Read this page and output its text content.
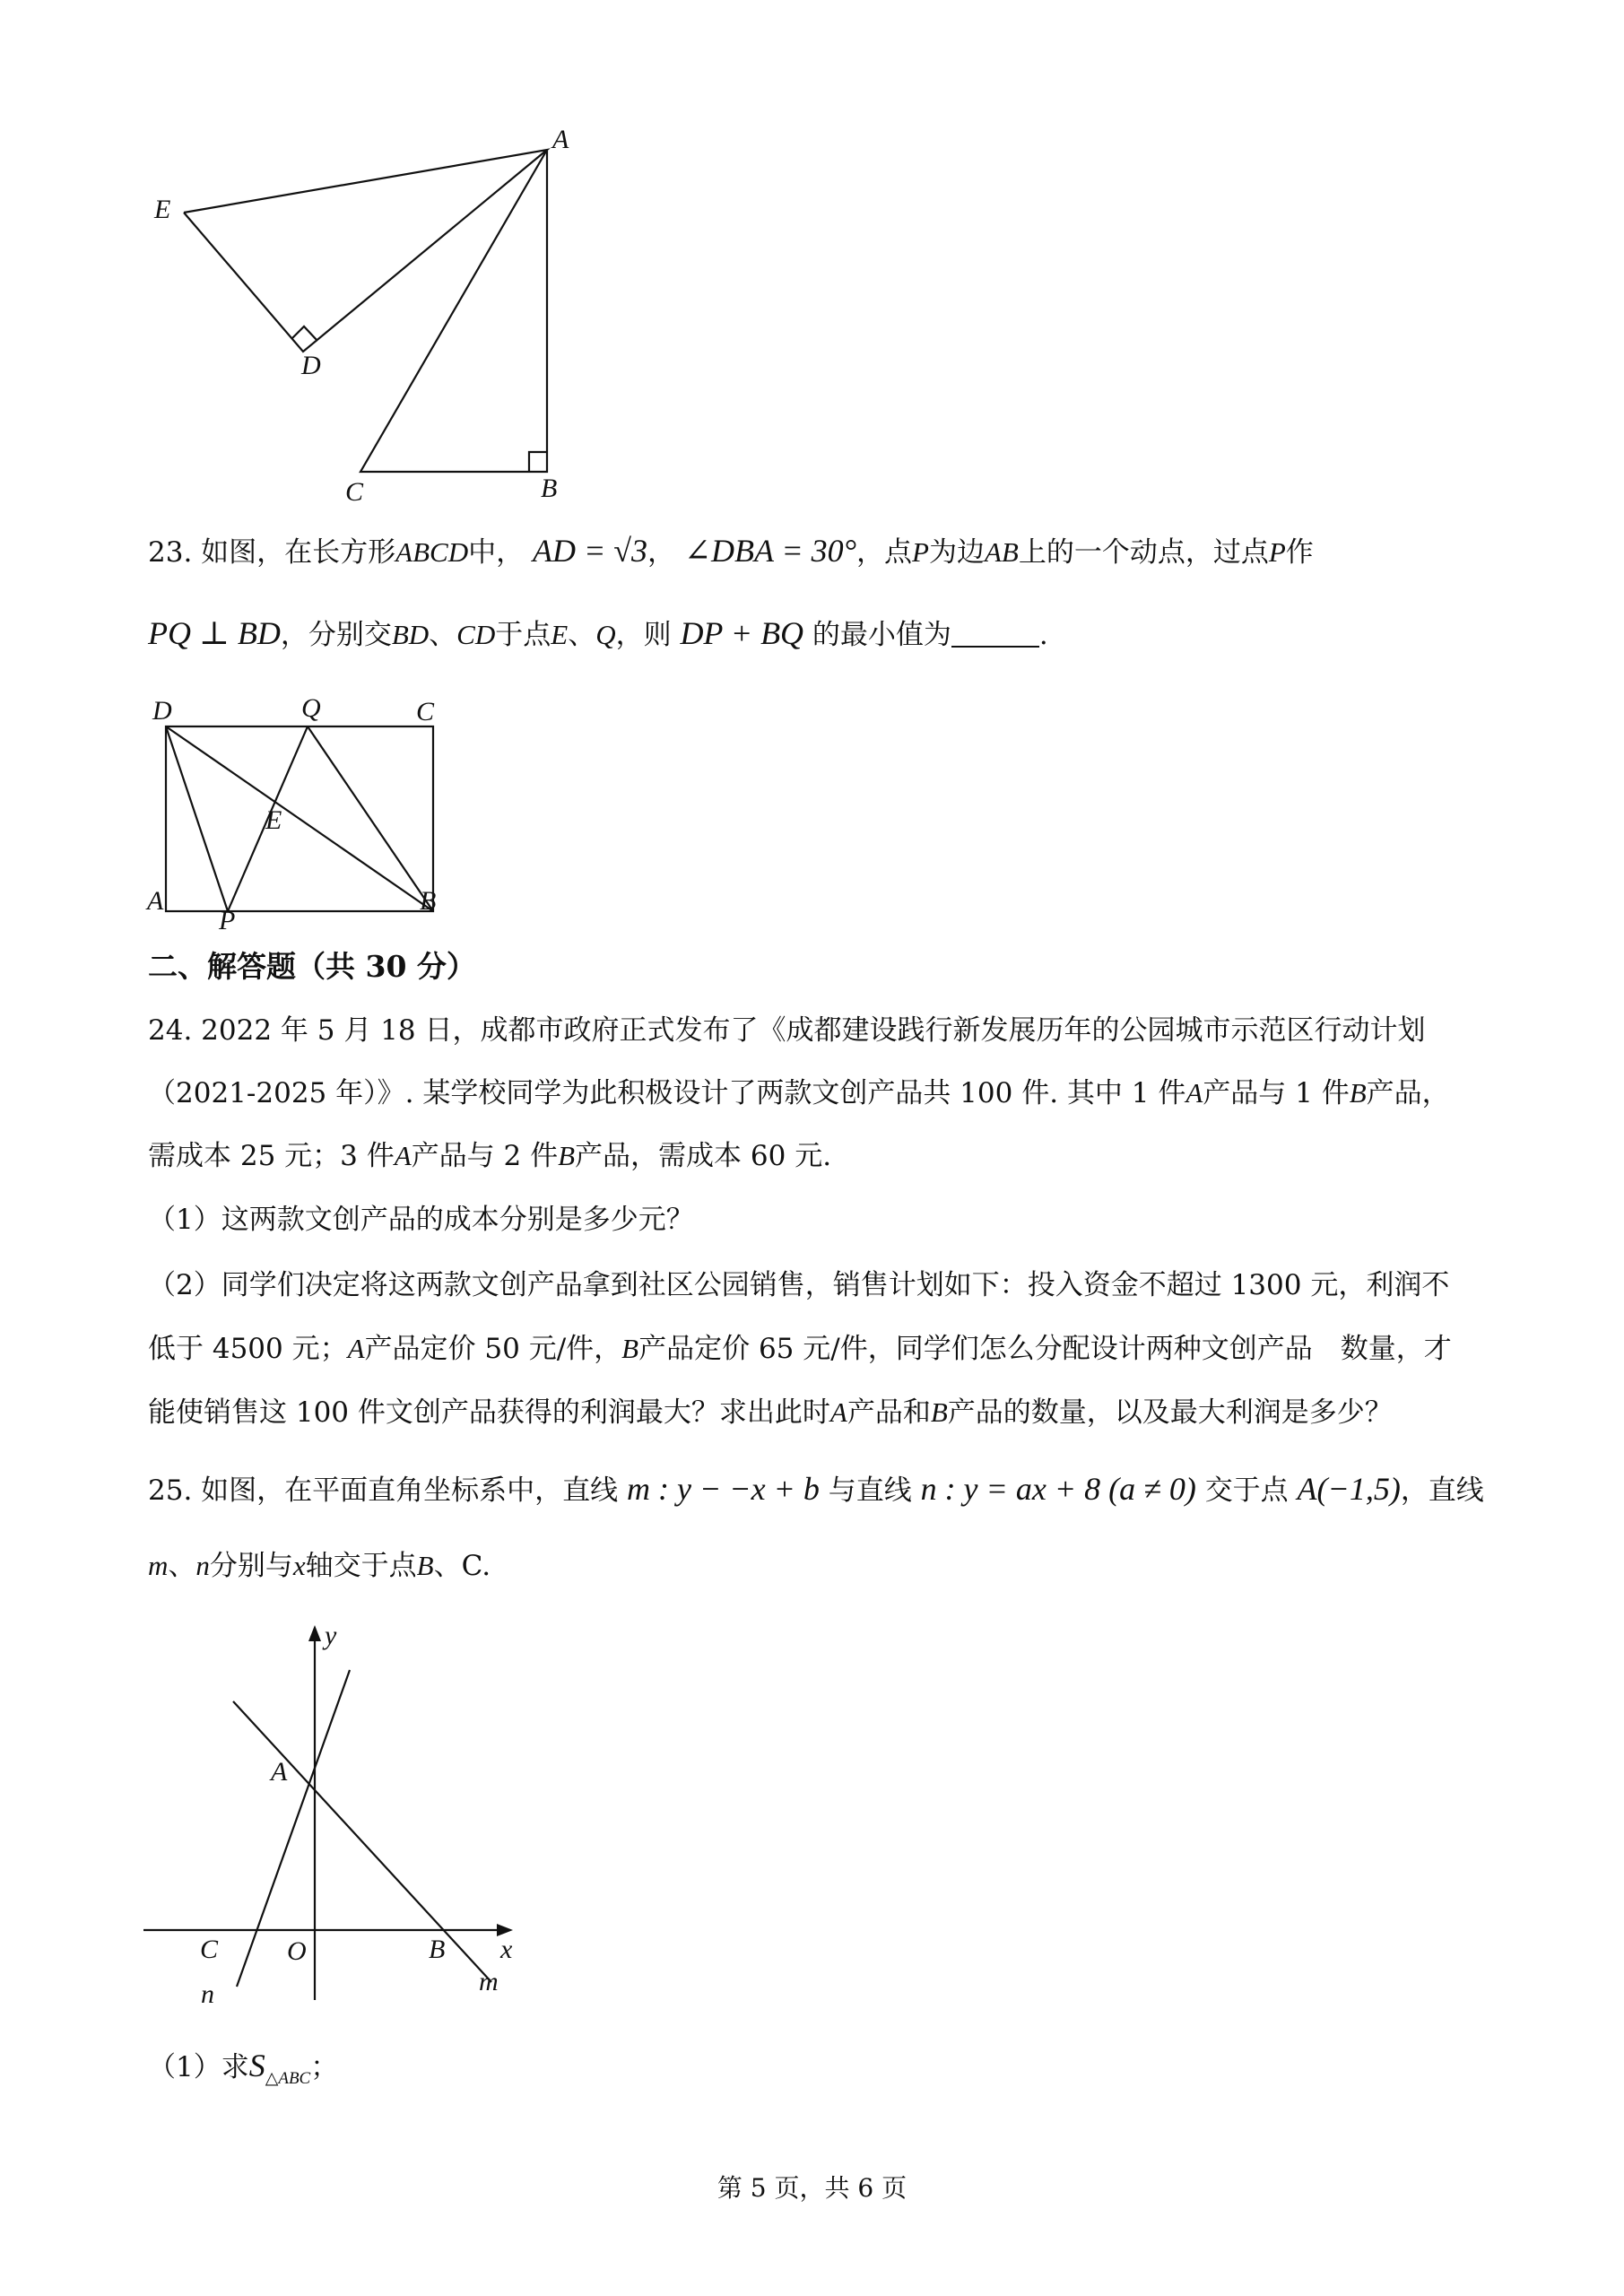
A
E
D
C	B
23. 如图，在长方形ABCD中， AD = √3， ∠DBA = 30°，点P为边AB上的一个动点，过点P作
PQ ⊥ BD，分别交BD、CD于点E、Q，则 DP + BQ 的最小值为	.
D	Q	C
E
A
P
B
二、解答题（共 30 分）
24. 2022 年 5 月 18 日，成都市政府正式发布了《成都建设践行新发展历年的公园城市示范区行动计划
（2021-2025 年）》. 某学校同学为此积极设计了两款文创产品共 100 件. 其中 1 件A产品与 1 件B产品，
需成本 25 元；3 件A产品与 2 件B产品，需成本 60 元.
（1）这两款文创产品的成本分别是多少元？
（2）同学们决定将这两款文创产品拿到社区公园销售，销售计划如下：投入资金不超过 1300 元，利润不
低于 4500 元；A产品定价 50 元/件，B产品定价 65 元/件，同学们怎么分配设计两种文创产品　数量，才
能使销售这 100 件文创产品获得的利润最大？求出此时A产品和B产品的数量，以及最大利润是多少？
25. 如图，在平面直角坐标系中，直线 m : y − −x + b 与直线 n : y = ax + 8 (a ≠ 0) 交于点 A(−1,5)，直线
m、n分别与x轴交于点B、C.
y
A
C	O	B x
n	m
（1）求$S_{\triangle ABC}$；
第 5 页，共 6 页
